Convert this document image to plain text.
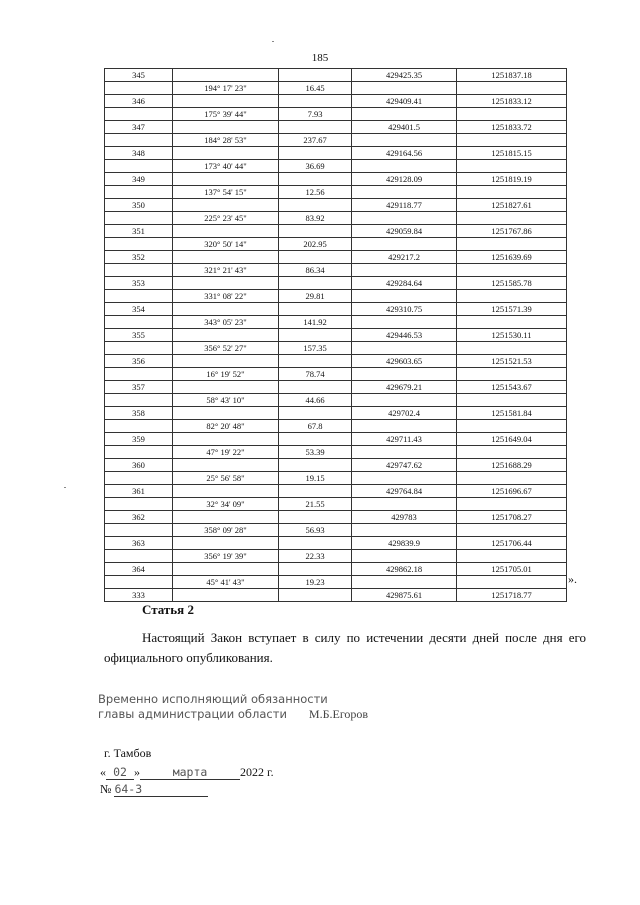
185
345			429425.35	1251837.18
	194° 17' 23"	16.45		
346			429409.41	1251833.12
	175° 39' 44"	7.93		
347			429401.5	1251833.72
	184° 28' 53"	237.67		
348			429164.56	1251815.15
	173° 40' 44"	36.69		
349			429128.09	1251819.19
	137° 54' 15"	12.56		
350			429118.77	1251827.61
	225° 23' 45"	83.92		
351			429059.84	1251767.86
	320° 50' 14"	202.95		
352			429217.2	1251639.69
	321° 21' 43"	86.34		
353			429284.64	1251585.78
	331° 08' 22"	29.81		
354			429310.75	1251571.39
	343° 05' 23"	141.92		
355			429446.53	1251530.11
	356° 52' 27"	157.35		
356			429603.65	1251521.53
	16° 19' 52"	78.74		
357			429679.21	1251543.67
	58° 43' 10"	44.66		
358			429702.4	1251581.84
	82° 20' 48"	67.8		
359			429711.43	1251649.04
	47° 19' 22"	53.39		
360			429747.62	1251688.29
	25° 56' 58"	19.15		
361			429764.84	1251696.67
	32° 34' 09"	21.55		
362			429783	1251708.27
	358° 09' 28"	56.93		
363			429839.9	1251706.44
	356° 19' 39"	22.33		
364			429862.18	1251705.01
	45° 41' 43"	19.23		
333			429875.61	1251718.77
».
Статья 2

Настоящий Закон вступает в силу по истечении десяти дней после дня его официального опубликования.

Временно исполняющий обязанности
главы администрации области М.Б.Егоров
г. Тамбов
« 02 »	марта	2022 г.
№ 64-З
